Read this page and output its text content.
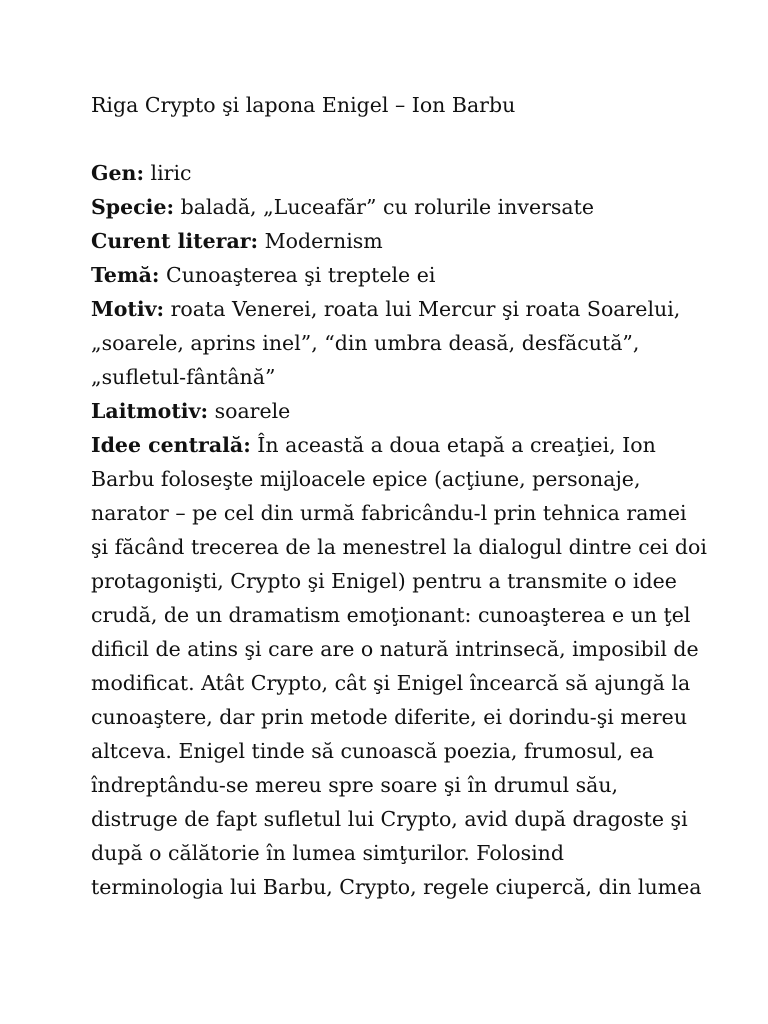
Riga Crypto şi lapona Enigel – Ion Barbu

Gen: liric

Specie: baladă, „Luceafăr” cu rolurile inversate

Curent literar: Modernism

Temă: Cunoaşterea şi treptele ei

Motiv: roata Venerei, roata lui Mercur şi roata Soarelui,
„soarele, aprins inel”, “din umbra deasă, desfăcută”,
„sufletul-fântână”

Laitmotiv: soarele

Idee centrală: În această a doua etapă a creaţiei, Ion
Barbu foloseşte mijloacele epice (acţiune, personaje,
narator – pe cel din urmă fabricându-l prin tehnica ramei
şi făcând trecerea de la menestrel la dialogul dintre cei doi
protagonişti, Crypto şi Enigel) pentru a transmite o idee
crudă, de un dramatism emoţionant: cunoaşterea e un ţel
dificil de atins şi care are o natură intrinsecă, imposibil de
modificat. Atât Crypto, cât şi Enigel încearcă să ajungă la
cunoaştere, dar prin metode diferite, ei dorindu-şi mereu
altceva. Enigel tinde să cunoască poezia, frumosul, ea
îndreptându-se mereu spre soare şi în drumul său,
distruge de fapt sufletul lui Crypto, avid după dragoste şi
după o călătorie în lumea simţurilor. Folosind
terminologia lui Barbu, Crypto, regele ciupercă, din lumea
